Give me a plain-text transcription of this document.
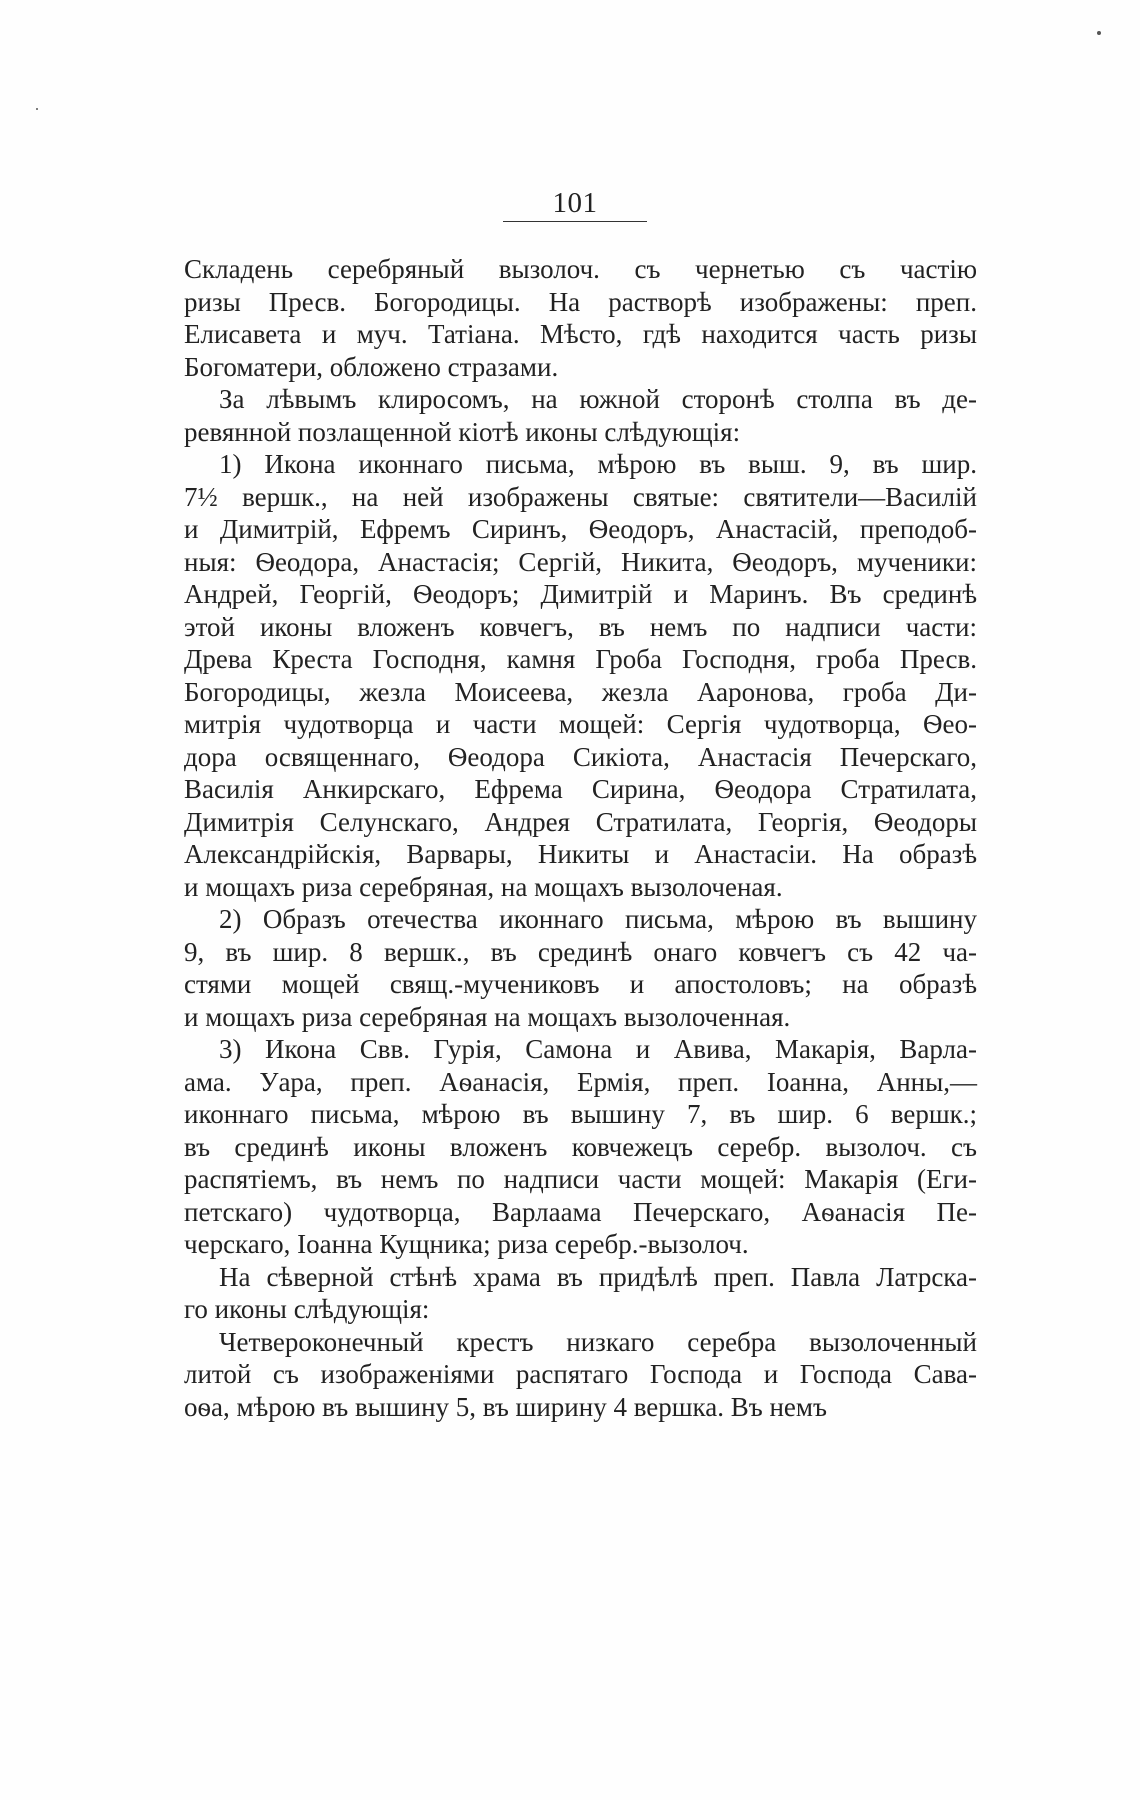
101
Складень серебряный вызолоч. съ чернетью съ частію
ризы Пресв. Богородицы. На растворѣ изображены: преп.
Елисавета и муч. Татіана. Мѣсто, гдѣ находится часть ризы
Богоматери, обложено стразами.
За лѣвымъ клиросомъ, на южной сторонѣ столпа въ де-
ревянной позлащенной кіотѣ иконы слѣдующія:
1) Икона иконнаго письма, мѣрою въ выш. 9, въ шир.
7½ вершк., на ней изображены святые: святители—Василій
и Димитрій, Ефремъ Сиринъ, Ѳеодоръ, Анастасій, преподоб-
ныя: Ѳеодора, Анастасія; Сергій, Никита, Ѳеодоръ, мученики:
Андрей, Георгій, Ѳеодоръ; Димитрій и Маринъ. Въ срединѣ
этой иконы вложенъ ковчегъ, въ немъ по надписи части:
Древа Креста Господня, камня Гроба Господня, гроба Пресв.
Богородицы, жезла Моисеева, жезла Ааронова, гроба Ди-
митрія чудотворца и части мощей: Сергія чудотворца, Ѳео-
дора освященнаго, Ѳеодора Сикіота, Анастасія Печерскаго,
Василія Анкирскаго, Ефрема Сирина, Ѳеодора Стратилата,
Димитрія Селунскаго, Андрея Стратилата, Георгія, Ѳеодоры
Александрійскія, Варвары, Никиты и Анастасіи. На образѣ
и мощахъ риза серебряная, на мощахъ вызолоченая.
2) Образъ отечества иконнаго письма, мѣрою въ вышину
9, въ шир. 8 вершк., въ срединѣ онаго ковчегъ съ 42 ча-
стями мощей свящ.-мучениковъ и апостоловъ; на образѣ
и мощахъ риза серебряная на мощахъ вызолоченная.
3) Икона Свв. Гурія, Самона и Авива, Макарія, Варла-
ама. Уара, преп. Аѳанасія, Ермія, преп. Іоанна, Анны,—
иконнаго письма, мѣрою въ вышину 7, въ шир. 6 вершк.;
въ срединѣ иконы вложенъ ковчежецъ серебр. вызолоч. съ
распятіемъ, въ немъ по надписи части мощей: Макарія (Еги-
петскаго) чудотворца, Варлаама Печерскаго, Аѳанасія Пе-
черскаго, Іоанна Кущника; риза серебр.-вызолоч.
На сѣверной стѣнѣ храма въ придѣлѣ преп. Павла Латрска-
го иконы слѣдующія:
Четвероконечный крестъ низкаго серебра вызолоченный
литой съ изображеніями распятаго Господа и Господа Сава-
оѳа, мѣрою въ вышину 5, въ ширину 4 вершка. Въ немъ
